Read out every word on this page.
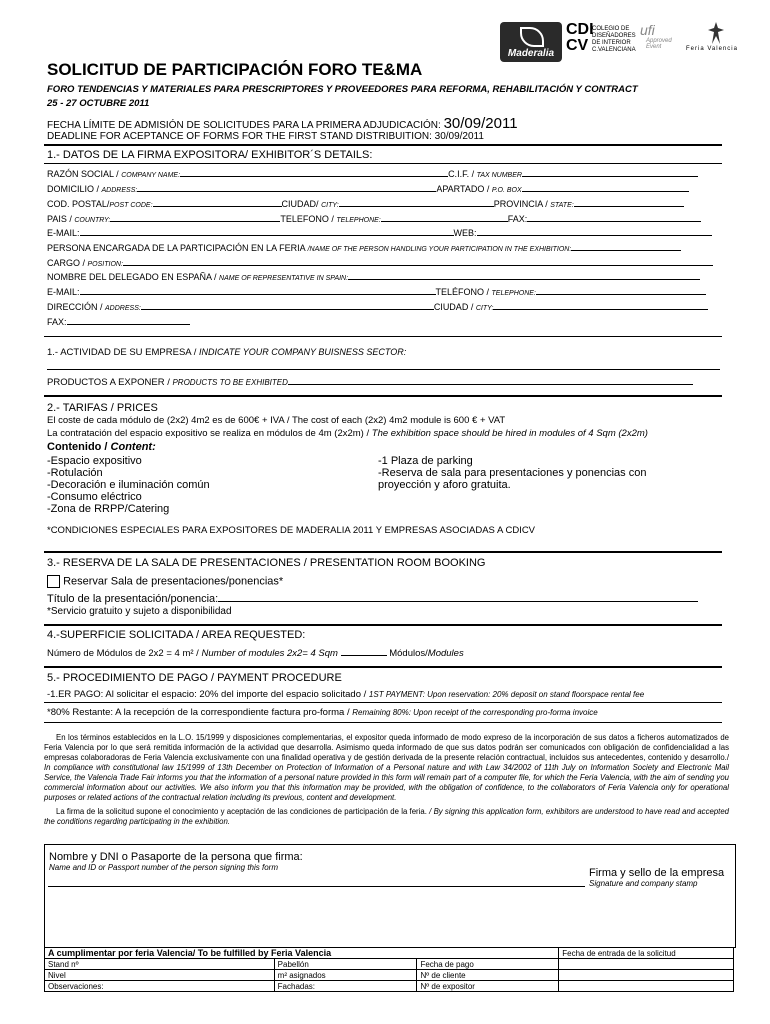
Maderalia
CDI CV
COLEGIO DE DISEÑADORES DE INTERIOR C.VALENCIANA
ufi
Approved Event	Feria Valencia
SOLICITUD DE PARTICIPACIÓN FORO TE&MA
FORO TENDENCIAS Y MATERIALES PARA PRESCRIPTORES Y PROVEEDORES PARA REFORMA, REHABILITACIÓN Y CONTRACT
25 - 27 OCTUBRE 2011
FECHA LÍMITE DE ADMISIÓN DE SOLICITUDES PARA LA PRIMERA ADJUDICACIÓN: 30/09/2011
DEADLINE FOR ACEPTANCE OF FORMS FOR THE FIRST STAND DISTRIBUITION: 30/09/2011
1.- DATOS DE LA FIRMA EXPOSITORA/ EXHIBITOR´S DETAILS:
RAZÓN SOCIAL / COMPANY NAME:	C.I.F. / TAX NUMBER
DOMICILIO / ADDRESS:	APARTADO / P.O. BOX
COD. POSTAL/POST CODE:	CIUDAD/ CITY:	PROVINCIA / STATE:
PAIS / COUNTRY:	TELEFONO / TELEPHONE:	FAX:
E-MAIL:	WEB:
PERSONA ENCARGADA DE LA PARTICIPACIÓN EN LA FERIA /NAME OF THE PERSON HANDLING YOUR PARTICIPATION IN THE EXHIBITION:
CARGO / POSITION:
NOMBRE DEL DELEGADO EN ESPAÑA / NAME OF REPRESENTATIVE IN SPAIN:
E-MAIL:	TELÉFONO / TELEPHONE:
DIRECCIÓN / ADDRESS:	CIUDAD / CITY:
FAX:
1.- ACTIVIDAD DE SU EMPRESA / INDICATE YOUR COMPANY BUISNESS SECTOR:
PRODUCTOS A EXPONER / PRODUCTS TO BE EXHIBITED
2.- TARIFAS / PRICES
El coste de cada módulo de (2x2) 4m2 es de 600€ + IVA / The cost of each (2x2) 4m2 module is 600 € + VAT
La contratación del espacio expositivo se realiza en módulos de 4m (2x2m) / The exhibition space should be hired in modules of 4 Sqm (2x2m)
Contenido / Content:
-Espacio expositivo
-Rotulación
-Decoración e iluminación común
-Consumo eléctrico
-Zona de RRPP/Catering
-1 Plaza de parking
-Reserva de sala para presentaciones y ponencias con proyección y aforo gratuita.
*CONDICIONES ESPECIALES PARA EXPOSITORES DE MADERALIA 2011 Y EMPRESAS ASOCIADAS A CDICV
3.- RESERVA DE LA SALA DE PRESENTACIONES / PRESENTATION ROOM BOOKING
Reservar Sala de presentaciones/ponencias*
Título de la presentación/ponencia:
*Servicio gratuito y sujeto a disponibilidad
4.-SUPERFICIE SOLICITADA / AREA REQUESTED:
Número de Módulos de 2x2 = 4 m² / Number of modules 2x2= 4 Sqm	Módulos/Modules
5.- PROCEDIMIENTO DE PAGO / PAYMENT PROCEDURE
-1.ER PAGO: Al solicitar el espacio: 20% del importe del espacio solicitado / 1ST PAYMENT: Upon reservation: 20% deposit on stand floorspace rental fee
*80% Restante: A la recepción de la correspondiente factura pro-forma / Remaining 80%: Upon receipt of the corresponding pro-forma invoice

En los términos establecidos en la L.O. 15/1999 y disposiciones complementarias, el expositor queda informado de modo expreso de la incorporación de sus datos a ficheros automatizados de Feria Valencia por lo que será remitida información de la actividad que desarrolla. Asimismo queda informado de que sus datos podrán ser comunicados con obligación de confidencialidad a las empresas colaboradoras de Feria Valencia exclusivamente con una finalidad operativa y de gestión derivada de la presente relación contractual, incluidos sus antecedentes, contenido y desarrollo./ In compliance with constitutional law 15/1999 of 13th December on Protection of Information of a Personal nature and with Law 34/2002 of 11th July on Information Society and Electronic Mail Service, the Valencia Trade Fair informs you that the information of a personal nature provided in this form will remain part of a computer file, for which the Feria Valencia, with the aim of sending you commercial information about our activities. We also inform you that this information may be provided, with the obligation of confidence, to the collaborators of Feria Valencia only for operational purposes or related actions of the contractual relation including its previous, content and development.

La firma de la solicitud supone el conocimiento y aceptación de las condiciones de participación de la feria. / By signing this application form, exhibitors are understood to have read and accepted the conditions regarding participating in the exhibition.

Nombre y DNI o Pasaporte de la persona que firma:
Name and ID or Passport number of the person signing this form	Firma y sello de la empresa
Signature and company stamp
A cumplimentar por feria Valencia/ To be fulfilled by Feria Valencia			Fecha de entrada de la solicitud
Stand nº	Pabellón	Fecha de pago	
Nivel	m² asignados	Nº de cliente	
Observaciones:	Fachadas:	Nº de expositor	
